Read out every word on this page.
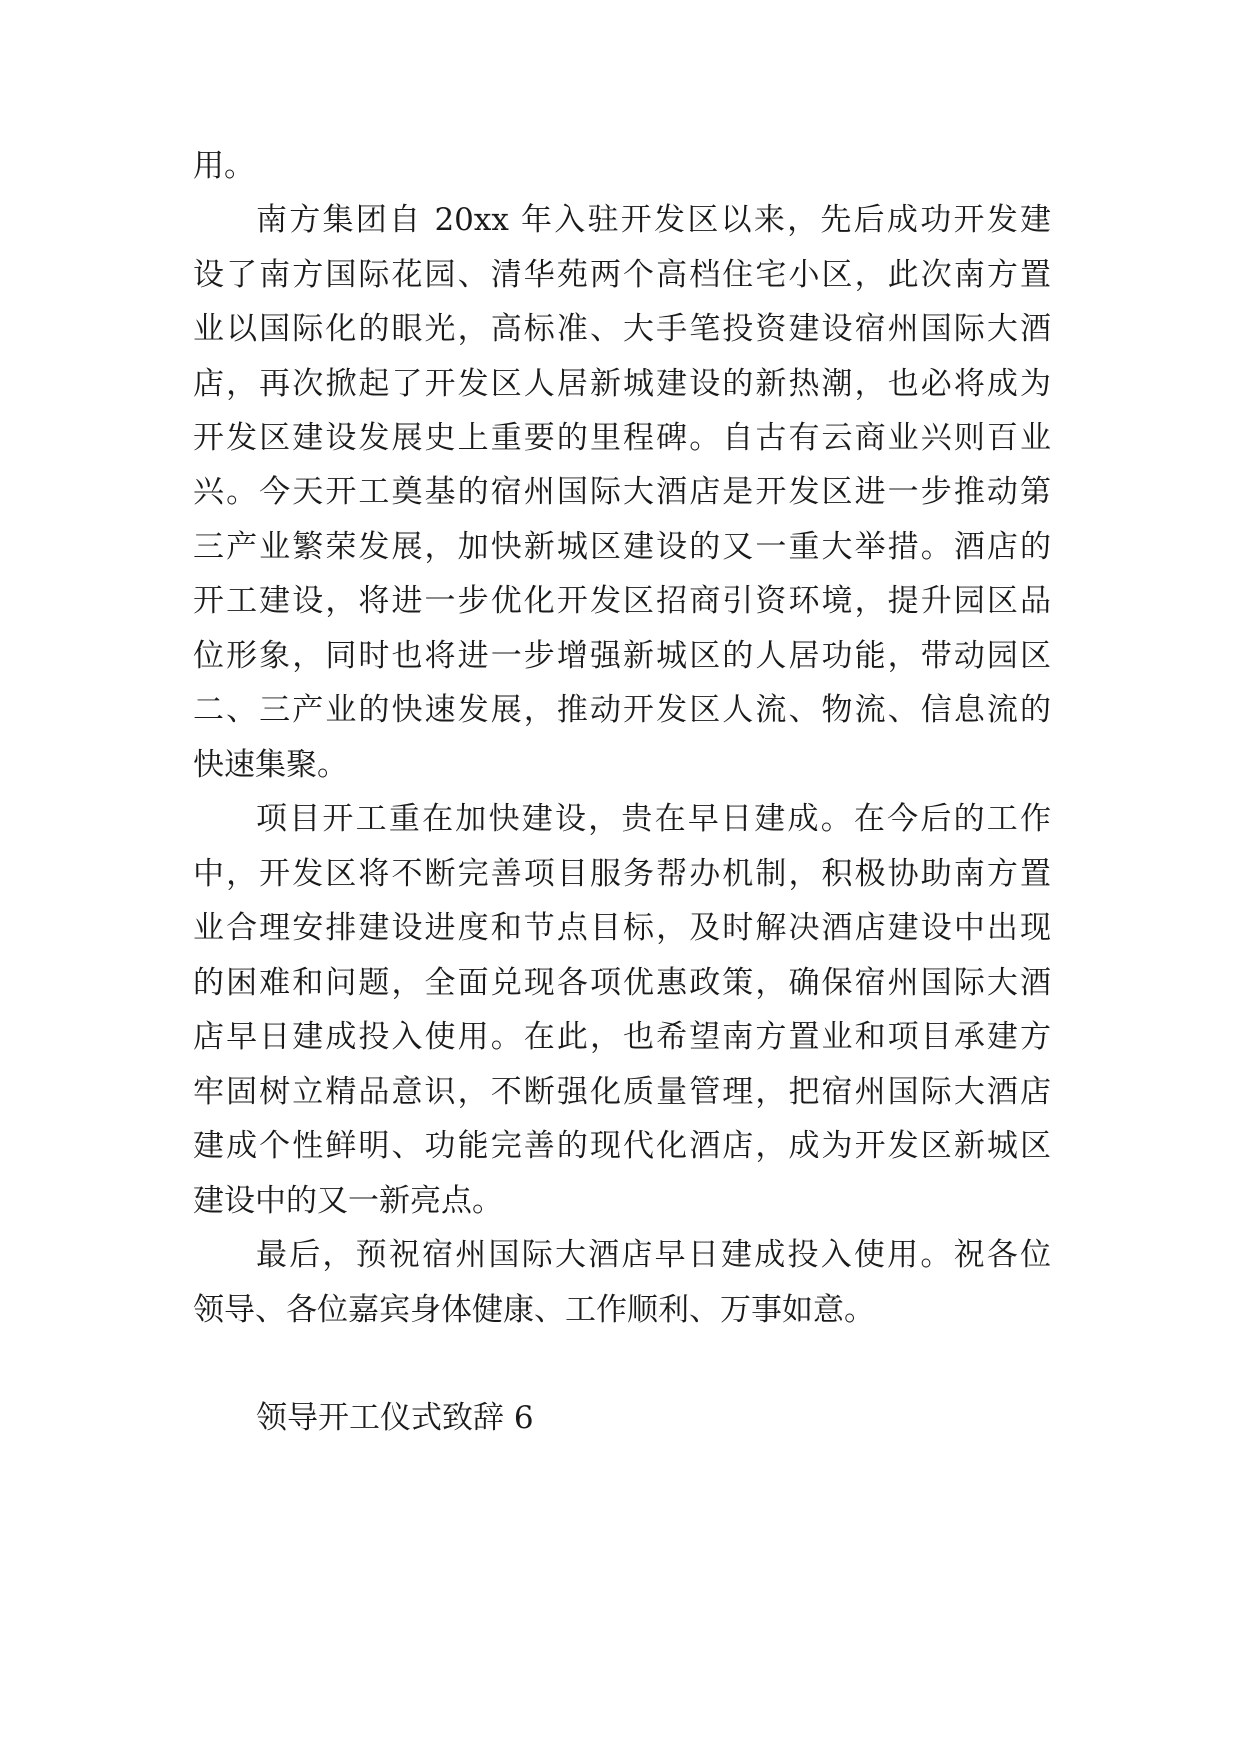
用。
南方集团自 20xx 年入驻开发区以来，先后成功开发建
设了南方国际花园、清华苑两个高档住宅小区，此次南方置
业以国际化的眼光，高标准、大手笔投资建设宿州国际大酒
店，再次掀起了开发区人居新城建设的新热潮，也必将成为
开发区建设发展史上重要的里程碑。自古有云商业兴则百业
兴。今天开工奠基的宿州国际大酒店是开发区进一步推动第
三产业繁荣发展，加快新城区建设的又一重大举措。酒店的
开工建设，将进一步优化开发区招商引资环境，提升园区品
位形象，同时也将进一步增强新城区的人居功能，带动园区
二、三产业的快速发展，推动开发区人流、物流、信息流的
快速集聚。
项目开工重在加快建设，贵在早日建成。在今后的工作
中，开发区将不断完善项目服务帮办机制，积极协助南方置
业合理安排建设进度和节点目标，及时解决酒店建设中出现
的困难和问题，全面兑现各项优惠政策，确保宿州国际大酒
店早日建成投入使用。在此，也希望南方置业和项目承建方
牢固树立精品意识，不断强化质量管理，把宿州国际大酒店
建成个性鲜明、功能完善的现代化酒店，成为开发区新城区
建设中的又一新亮点。
最后，预祝宿州国际大酒店早日建成投入使用。祝各位
领导、各位嘉宾身体健康、工作顺利、万事如意。
领导开工仪式致辞 6
